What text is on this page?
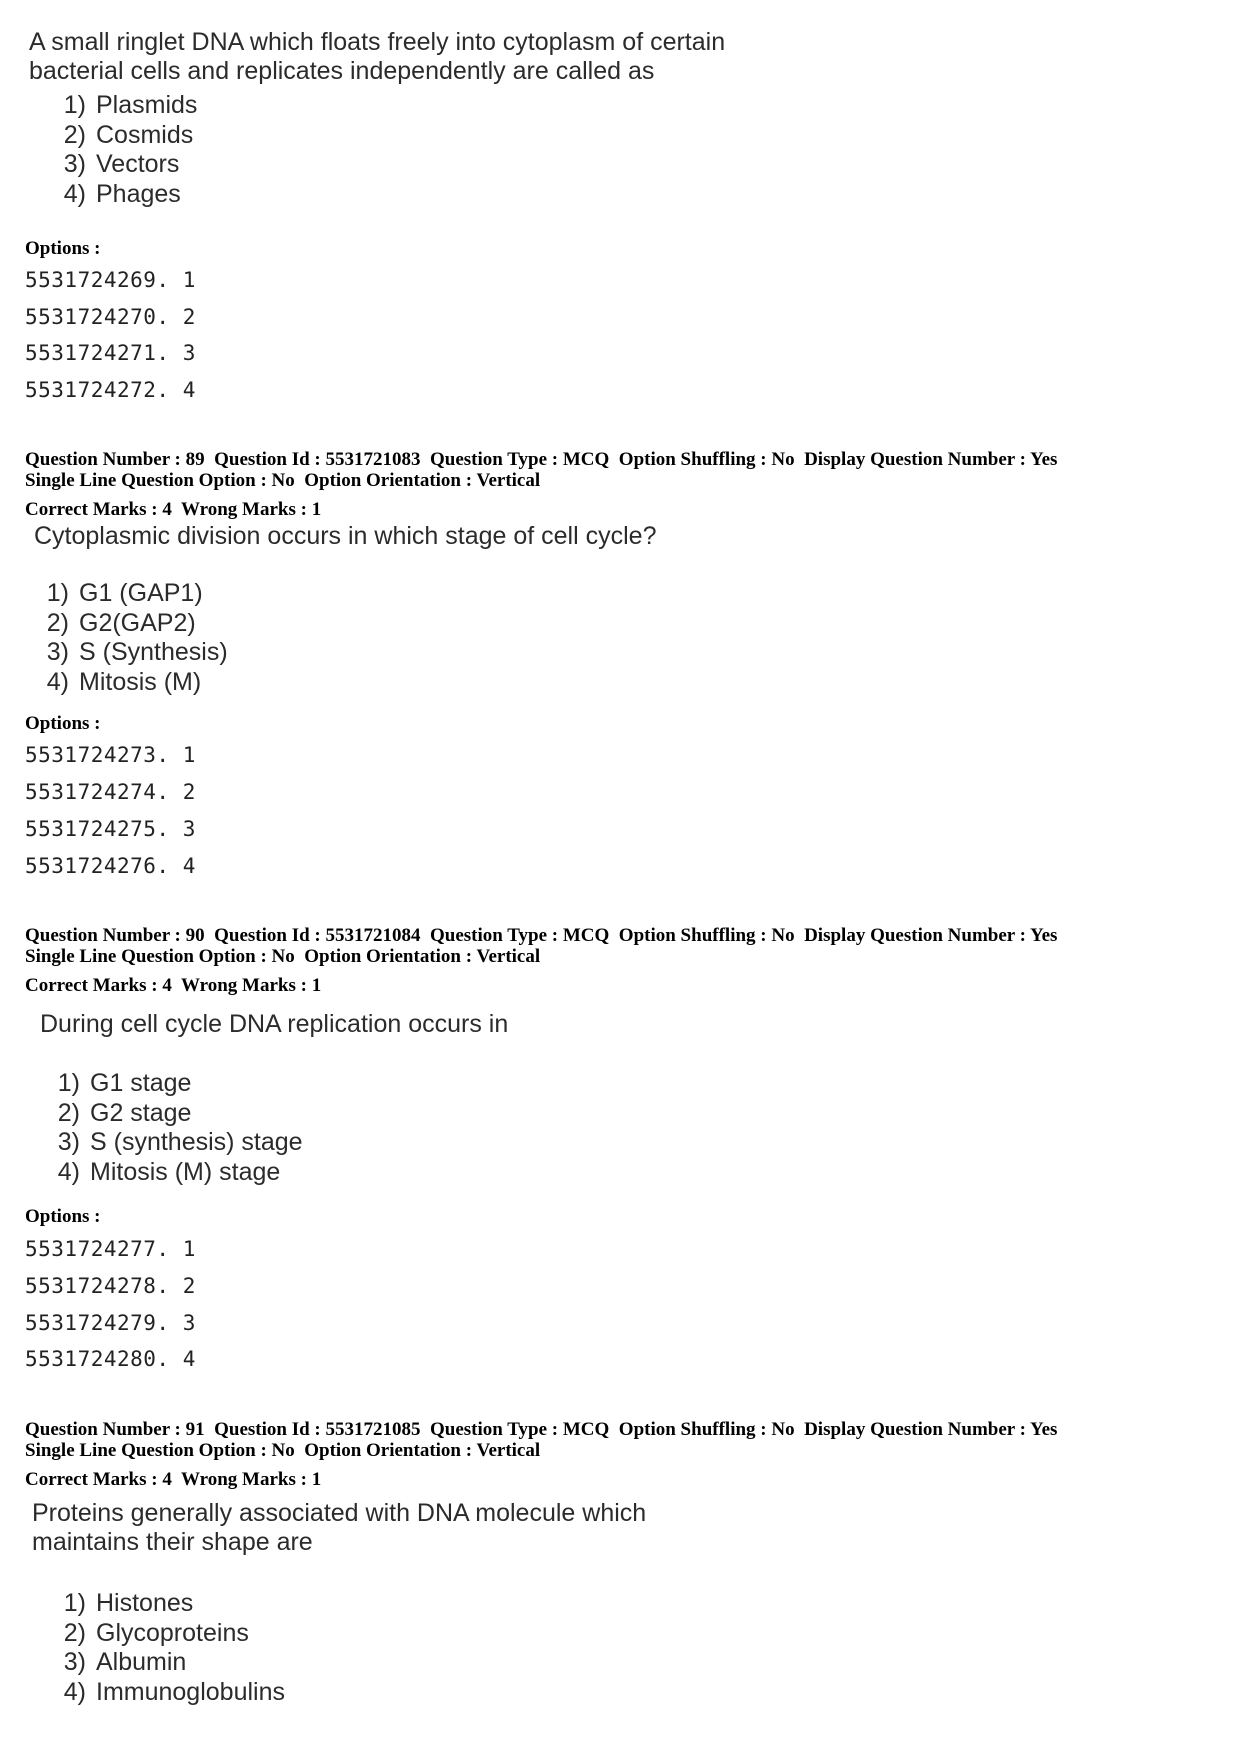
A small ringlet DNA which floats freely into cytoplasm of certain
bacterial cells and replicates independently are called as
1) Plasmids
2) Cosmids
3) Vectors
4) Phages
Options :
5531724269. 1
5531724270. 2
5531724271. 3
5531724272. 4
Question Number : 89  Question Id : 5531721083  Question Type : MCQ  Option Shuffling : No  Display Question Number : Yes
Single Line Question Option : No  Option Orientation : Vertical
Correct Marks : 4  Wrong Marks : 1
Cytoplasmic division occurs in which stage of cell cycle?
1) G1 (GAP1)
2) G2(GAP2)
3) S (Synthesis)
4) Mitosis (M)
Options :
5531724273. 1
5531724274. 2
5531724275. 3
5531724276. 4
Question Number : 90  Question Id : 5531721084  Question Type : MCQ  Option Shuffling : No  Display Question Number : Yes
Single Line Question Option : No  Option Orientation : Vertical
Correct Marks : 4  Wrong Marks : 1
During cell cycle DNA replication occurs in
1) G1 stage
2) G2 stage
3) S (synthesis) stage
4) Mitosis (M) stage
Options :
5531724277. 1
5531724278. 2
5531724279. 3
5531724280. 4
Question Number : 91  Question Id : 5531721085  Question Type : MCQ  Option Shuffling : No  Display Question Number : Yes
Single Line Question Option : No  Option Orientation : Vertical
Correct Marks : 4  Wrong Marks : 1
Proteins generally associated with DNA molecule which
maintains their shape are
1) Histones
2) Glycoproteins
3) Albumin
4) Immunoglobulins
